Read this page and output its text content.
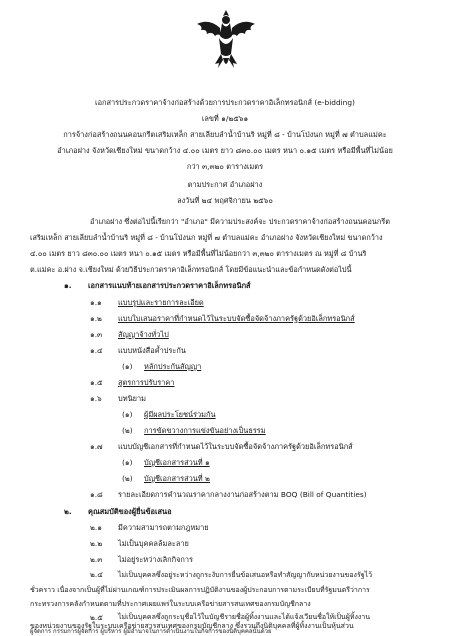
เอกสารประกวดราคาจ้างก่อสร้างด้วยการประกวดราคาอิเล็กทรอนิกส์ (e-bidding)
เลขที่ ๑/๒๕๖๑
การจ้างก่อสร้างถนนคอนกรีตเสริมเหล็ก สายเลียบลำน้ำบ้านริ หมู่ที่ ๘ - บ้านโป่งนก หมู่ที่ ๗ ตำบลแม่คะ
อำเภอฝาง จังหวัดเชียงใหม่ ขนาดกว้าง ๔.๐๐ เมตร ยาว ๘๓๐.๐๐ เมตร หนา ๐.๑๕ เมตร หรือมีพื้นที่ไม่น้อย
กว่า ๓,๓๒๐ ตารางเมตร
ตามประกาศ อำเภอฝาง
ลงวันที่ ๒๔ พฤศจิกายน ๒๕๖๐
อำเภอฝาง ซึ่งต่อไปนี้เรียกว่า "อำเภอ" มีความประสงค์จะ ประกวดราคาจ้างก่อสร้างถนนคอนกรีต
เสริมเหล็ก สายเลียบลำน้ำบ้านริ หมู่ที่ ๘ - บ้านโป่งนก หมู่ที่ ๗ ตำบลแม่คะ อำเภอฝาง จังหวัดเชียงใหม่ ขนาดกว้าง
๔.๐๐ เมตร ยาว ๘๓๐.๐๐ เมตร หนา ๐.๑๕ เมตร หรือมีพื้นที่ไม่น้อยกว่า ๓,๓๒๐ ตารางเมตร ณ หมู่ที่ ๘ บ้านริ
ต.แม่คะ อ.ฝาง จ.เชียงใหม่ ด้วยวิธีประกวดราคาอิเล็กทรอนิกส์ โดยมีข้อแนะนำและข้อกำหนดดังต่อไปนี้
๑. เอกสารแนบท้ายเอกสารประกวดราคาอิเล็กทรอนิกส์
๑.๑ แบบรูปและรายการละเอียด
๑.๒ แบบใบเสนอราคาที่กำหนดไว้ในระบบจัดซื้อจัดจ้างภาครัฐด้วยอิเล็กทรอนิกส์
๑.๓ สัญญาจ้างทั่วไป
๑.๔ แบบหนังสือค้ำประกัน
(๑) หลักประกันสัญญา
๑.๕ สูตรการปรับราคา
๑.๖ บทนิยาม
(๑) ผู้มีผลประโยชน์ร่วมกัน
(๒) การขัดขวางการแข่งขันอย่างเป็นธรรม
๑.๗ แบบบัญชีเอกสารที่กำหนดไว้ในระบบจัดซื้อจัดจ้างภาครัฐด้วยอิเล็กทรอนิกส์
(๑) บัญชีเอกสารส่วนที่ ๑
(๒) บัญชีเอกสารส่วนที่ ๒
๑.๘ รายละเอียดการคำนวณราคากลางงานก่อสร้างตาม BOQ (Bill of Quantities)
๒. คุณสมบัติของผู้ยื่นข้อเสนอ
๒.๑ มีความสามารถตามกฎหมาย
๒.๒ ไม่เป็นบุคคลล้มละลาย
๒.๓ ไม่อยู่ระหว่างเลิกกิจการ
๒.๔ ไม่เป็นบุคคลซึ่งอยู่ระหว่างถูกระงับการยื่นข้อเสนอหรือทำสัญญากับหน่วยงานของรัฐไว้
ชั่วคราว เนื่องจากเป็นผู้ที่ไม่ผ่านเกณฑ์การประเมินผลการปฏิบัติงานของผู้ประกอบการตามระเบียบที่รัฐมนตรีว่าการ
กระทรวงการคลังกำหนดตามที่ประกาศเผยแพร่ในระบบเครือข่ายสารสนเทศของกรมบัญชีกลาง
๒.๕ ไม่เป็นบุคคลซึ่งถูกระบุชื่อไว้ในบัญชีรายชื่อผู้ทิ้งงานและได้แจ้งเวียนชื่อให้เป็นผู้ทิ้งงาน
ของหน่วยงานของรัฐในระบบเครือข่ายสารสนเทศของกรมบัญชีกลาง ซึ่งรวมถึงนิติบุคคลที่ผู้ทิ้งงานเป็นหุ้นส่วน
ผู้จัดการ กรรมการผู้จัดการ ผู้บริหาร ผู้มีอำนาจในการดำเนินงานในกิจการของนิติบุคคลนั้นด้วย
